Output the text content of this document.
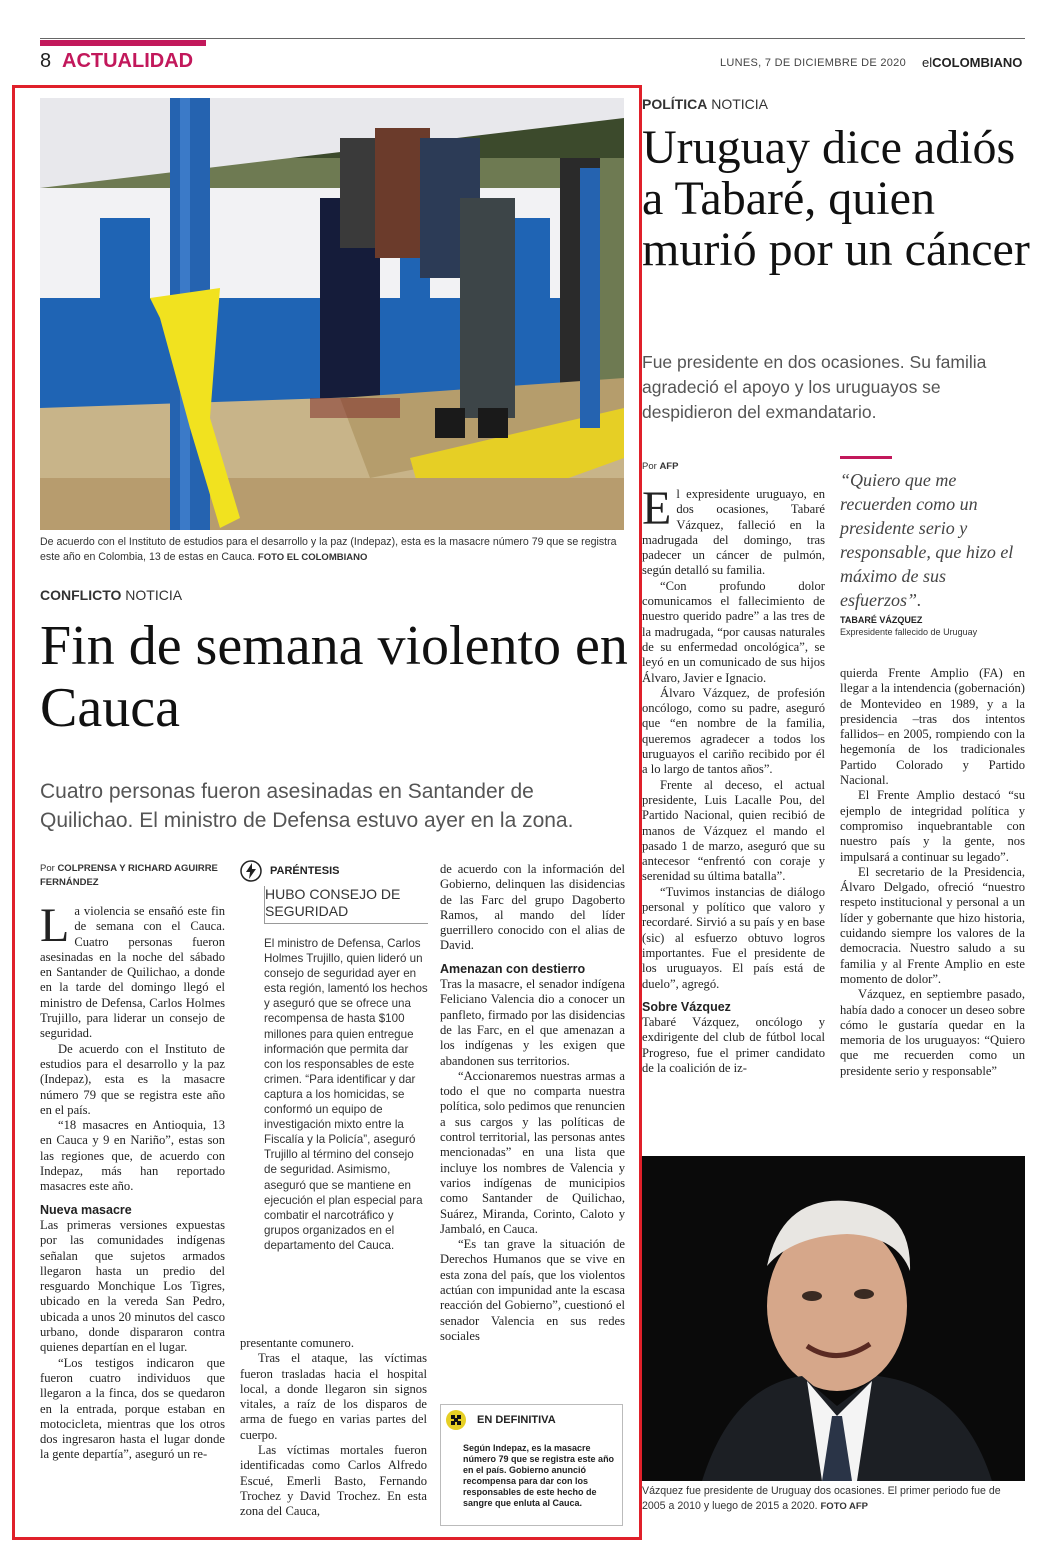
8 ACTUALIDAD	LUNES, 7 DE DICIEMBRE DE 2020 elCOLOMBIANO
De acuerdo con el Instituto de estudios para el desarrollo y la paz (Indepaz), esta es la masacre número 79 que se registra este año en Colombia, 13 de estas en Cauca. FOTO EL COLOMBIANO
CONFLICTO NOTICIA
Fin de semana violento en Cauca
Cuatro personas fueron asesinadas en Santander de Quilichao. El ministro de Defensa estuvo ayer en la zona.
Por COLPRENSA Y RICHARD AGUIRRE FERNÁNDEZ

La violencia se ensañó este fin de semana con el Cauca. Cuatro personas fueron asesinadas en la noche del sábado en Santander de Quilichao, a donde en la tarde del domingo llegó el ministro de Defensa, Carlos Holmes Trujillo, para liderar un consejo de seguridad.

De acuerdo con el Instituto de estudios para el desarrollo y la paz (Indepaz), esta es la masacre número 79 que se registra este año en el país.

“18 masacres en Antioquia, 13 en Cauca y 9 en Nariño”, estas son las regiones que, de acuerdo con Indepaz, más han reportado masacres este año.

Nueva masacre

Las primeras versiones expuestas por las comunidades indígenas señalan que sujetos armados llegaron hasta un predio del resguardo Monchique Los Tigres, ubicado en la vereda San Pedro, ubicada a unos 20 minutos del casco urbano, donde dispararon contra quienes departían en el lugar.

“Los testigos indicaron que fueron cuatro individuos que llegaron a la finca, dos se quedaron en la entrada, porque estaban en motocicleta, mientras que los otros dos ingresaron hasta el lugar donde la gente departía”, aseguró un re-

PARÉNTESIS
HUBO CONSEJO DE SEGURIDAD
El ministro de Defensa, Carlos Holmes Trujillo, quien lideró un consejo de seguridad ayer en esta región, lamentó los hechos y aseguró que se ofrece una recompensa de hasta $100 millones para quien entregue información que permita dar con los responsables de este crimen. “Para identificar y dar captura a los homicidas, se conformó un equipo de investigación mixto entre la Fiscalía y la Policía”, aseguró Trujillo al término del consejo de seguridad. Asimismo, aseguró que se mantiene en ejecución el plan especial para combatir el narcotráfico y grupos organizados en el departamento del Cauca.

presentante comunero.

Tras el ataque, las víctimas fueron trasladas hacia el hospital local, a donde llegaron sin signos vitales, a raíz de los disparos de arma de fuego en varias partes del cuerpo.

Las víctimas mortales fueron identificadas como Carlos Alfredo Escué, Emerli Basto, Fernando Trochez y David Trochez. En esta zona del Cauca,

de acuerdo con la información del Gobierno, delinquen las disidencias de las Farc del grupo Dagoberto Ramos, al mando del líder guerrillero conocido con el alias de David.

Amenazan con destierro

Tras la masacre, el senador indígena Feliciano Valencia dio a conocer un panfleto, firmado por las disidencias de las Farc, en el que amenazan a los indígenas y les exigen que abandonen sus territorios.

“Accionaremos nuestras armas a todo el que no comparta nuestra política, solo pedimos que renuncien a sus cargos y las políticas de control territorial, las personas antes mencionadas” en una lista que incluye los nombres de Valencia y varios indígenas de municipios como Santander de Quilichao, Suárez, Miranda, Corinto, Caloto y Jambaló, en Cauca.

“Es tan grave la situación de Derechos Humanos que se vive en esta zona del país, que los violentos actúan con impunidad ante la escasa reacción del Gobierno”, cuestionó el senador Valencia en sus redes sociales

EN DEFINITIVA
Según Indepaz, es la masacre número 79 que se registra este año en el país. Gobierno anunció recompensa para dar con los responsables de este hecho de sangre que enluta al Cauca.
POLÍTICA NOTICIA
Uruguay dice adiós a Tabaré, quien murió por un cáncer
Fue presidente en dos ocasiones. Su familia agradeció el apoyo y los uruguayos se despidieron del exmandatario.
Por AFP
“Quiero que me recuerden como un presidente serio y responsable, que hizo el máximo de sus esfuerzos”.
TABARÉ VÁZQUEZ
Expresidente fallecido de Uruguay

El expresidente uruguayo, en dos ocasiones, Tabaré Vázquez, falleció en la madrugada del domingo, tras padecer un cáncer de pulmón, según detalló su familia.

“Con profundo dolor comunicamos el fallecimiento de nuestro querido padre” a las tres de la madrugada, “por causas naturales de su enfermedad oncológica”, se leyó en un comunicado de sus hijos Álvaro, Javier e Ignacio.

Álvaro Vázquez, de profesión oncólogo, como su padre, aseguró que “en nombre de la familia, queremos agradecer a todos los uruguayos el cariño recibido por él a lo largo de tantos años”.

Frente al deceso, el actual presidente, Luis Lacalle Pou, del Partido Nacional, quien recibió de manos de Vázquez el mando el pasado 1 de marzo, aseguró que su antecesor “enfrentó con coraje y serenidad su última batalla”.

“Tuvimos instancias de diálogo personal y político que valoro y recordaré. Sirvió a su país y en base (sic) al esfuerzo obtuvo logros importantes. Fue el presidente de los uruguayos. El país está de duelo”, agregó.

Sobre Vázquez

Tabaré Vázquez, oncólogo y exdirigente del club de fútbol local Progreso, fue el primer candidato de la coalición de iz-

quierda Frente Amplio (FA) en llegar a la intendencia (gobernación) de Montevideo en 1989, y a la presidencia –tras dos intentos fallidos– en 2005, rompiendo con la hegemonía de los tradicionales Partido Colorado y Partido Nacional.

El Frente Amplio destacó “su ejemplo de integridad política y compromiso inquebrantable con nuestro país y la gente, nos impulsará a continuar su legado”.

El secretario de la Presidencia, Álvaro Delgado, ofreció “nuestro respeto institucional y personal a un líder y gobernante que hizo historia, cuidando siempre los valores de la democracia. Nuestro saludo a su familia y al Frente Amplio en este momento de dolor”.

Vázquez, en septiembre pasado, había dado a conocer un deseo sobre cómo le gustaría quedar en la memoria de los uruguayos: “Quiero que me recuerden como un presidente serio y responsable”

Vázquez fue presidente de Uruguay dos ocasiones. El primer periodo fue de 2005 a 2010 y luego de 2015 a 2020. FOTO AFP
